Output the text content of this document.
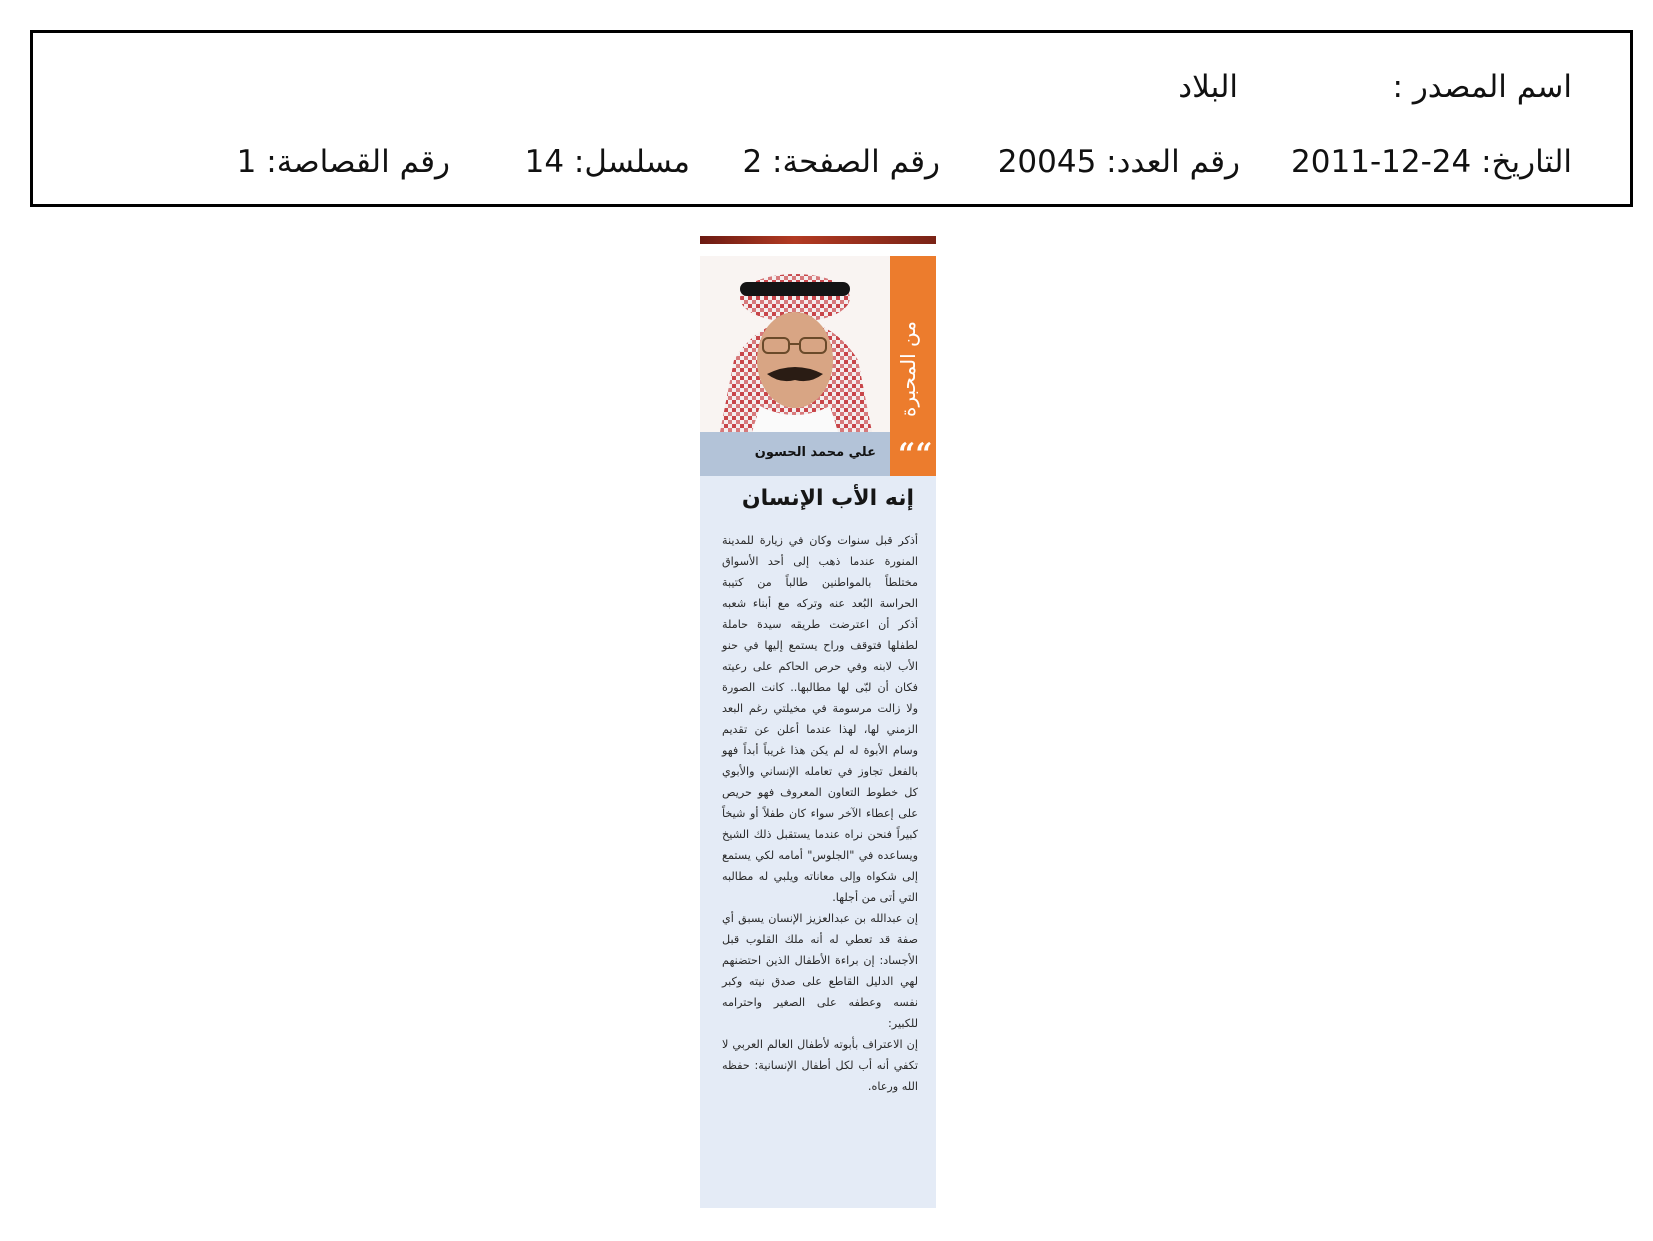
اسم المصدر :
البلاد
التاريخ: 24-12-2011
رقم العدد: 20045
رقم الصفحة: 2
مسلسل: 14
رقم القصاصة: 1
من المحبرة
““
علي محمد الحسون
إنه الأب الإنسان
أذكر قبل سنوات وكان في زيارة للمدينة المنورة عندما ذهب إلى أحد الأسواق مختلطاً بالمواطنين طالباً من كتيبة الحراسة البُعد عنه وتركه مع أبناء شعبه أذكر أن اعترضت طريقه سيدة حاملة لطفلها فتوقف وراح يستمع إليها في حنو الأب لابنه وفي حرص الحاكم على رعيته فكان أن لبّى لها مطالبها.. كانت الصورة ولا زالت مرسومة في مخيلتي رغم البعد الزمني لها، لهذا عندما أعلن عن تقديم وسام الأبوة له لم يكن هذا غريباً أبداً فهو بالفعل تجاوز في تعامله الإنساني والأبوي كل خطوط التعاون المعروف فهو حريص على إعطاء الآخر سواء كان طفلاً أو شيخاً كبيراً فنحن نراه عندما يستقبل ذلك الشيخ ويساعده في "الجلوس" أمامه لكي يستمع إلى شكواه وإلى معاناته ويلبي له مطالبه التي أتى من أجلها.
إن عبدالله بن عبدالعزيز الإنسان يسبق أي صفة قد تعطي له أنه ملك القلوب قبل الأجساد: إن براءة الأطفال الذين احتضنهم لهي الدليل القاطع على صدق نيته وكبر نفسه وعطفه على الصغير واحترامه للكبير:
إن الاعتراف بأبوته لأطفال العالم العربي لا تكفي أنه أب لكل أطفال الإنسانية: حفظه الله ورعاه.
